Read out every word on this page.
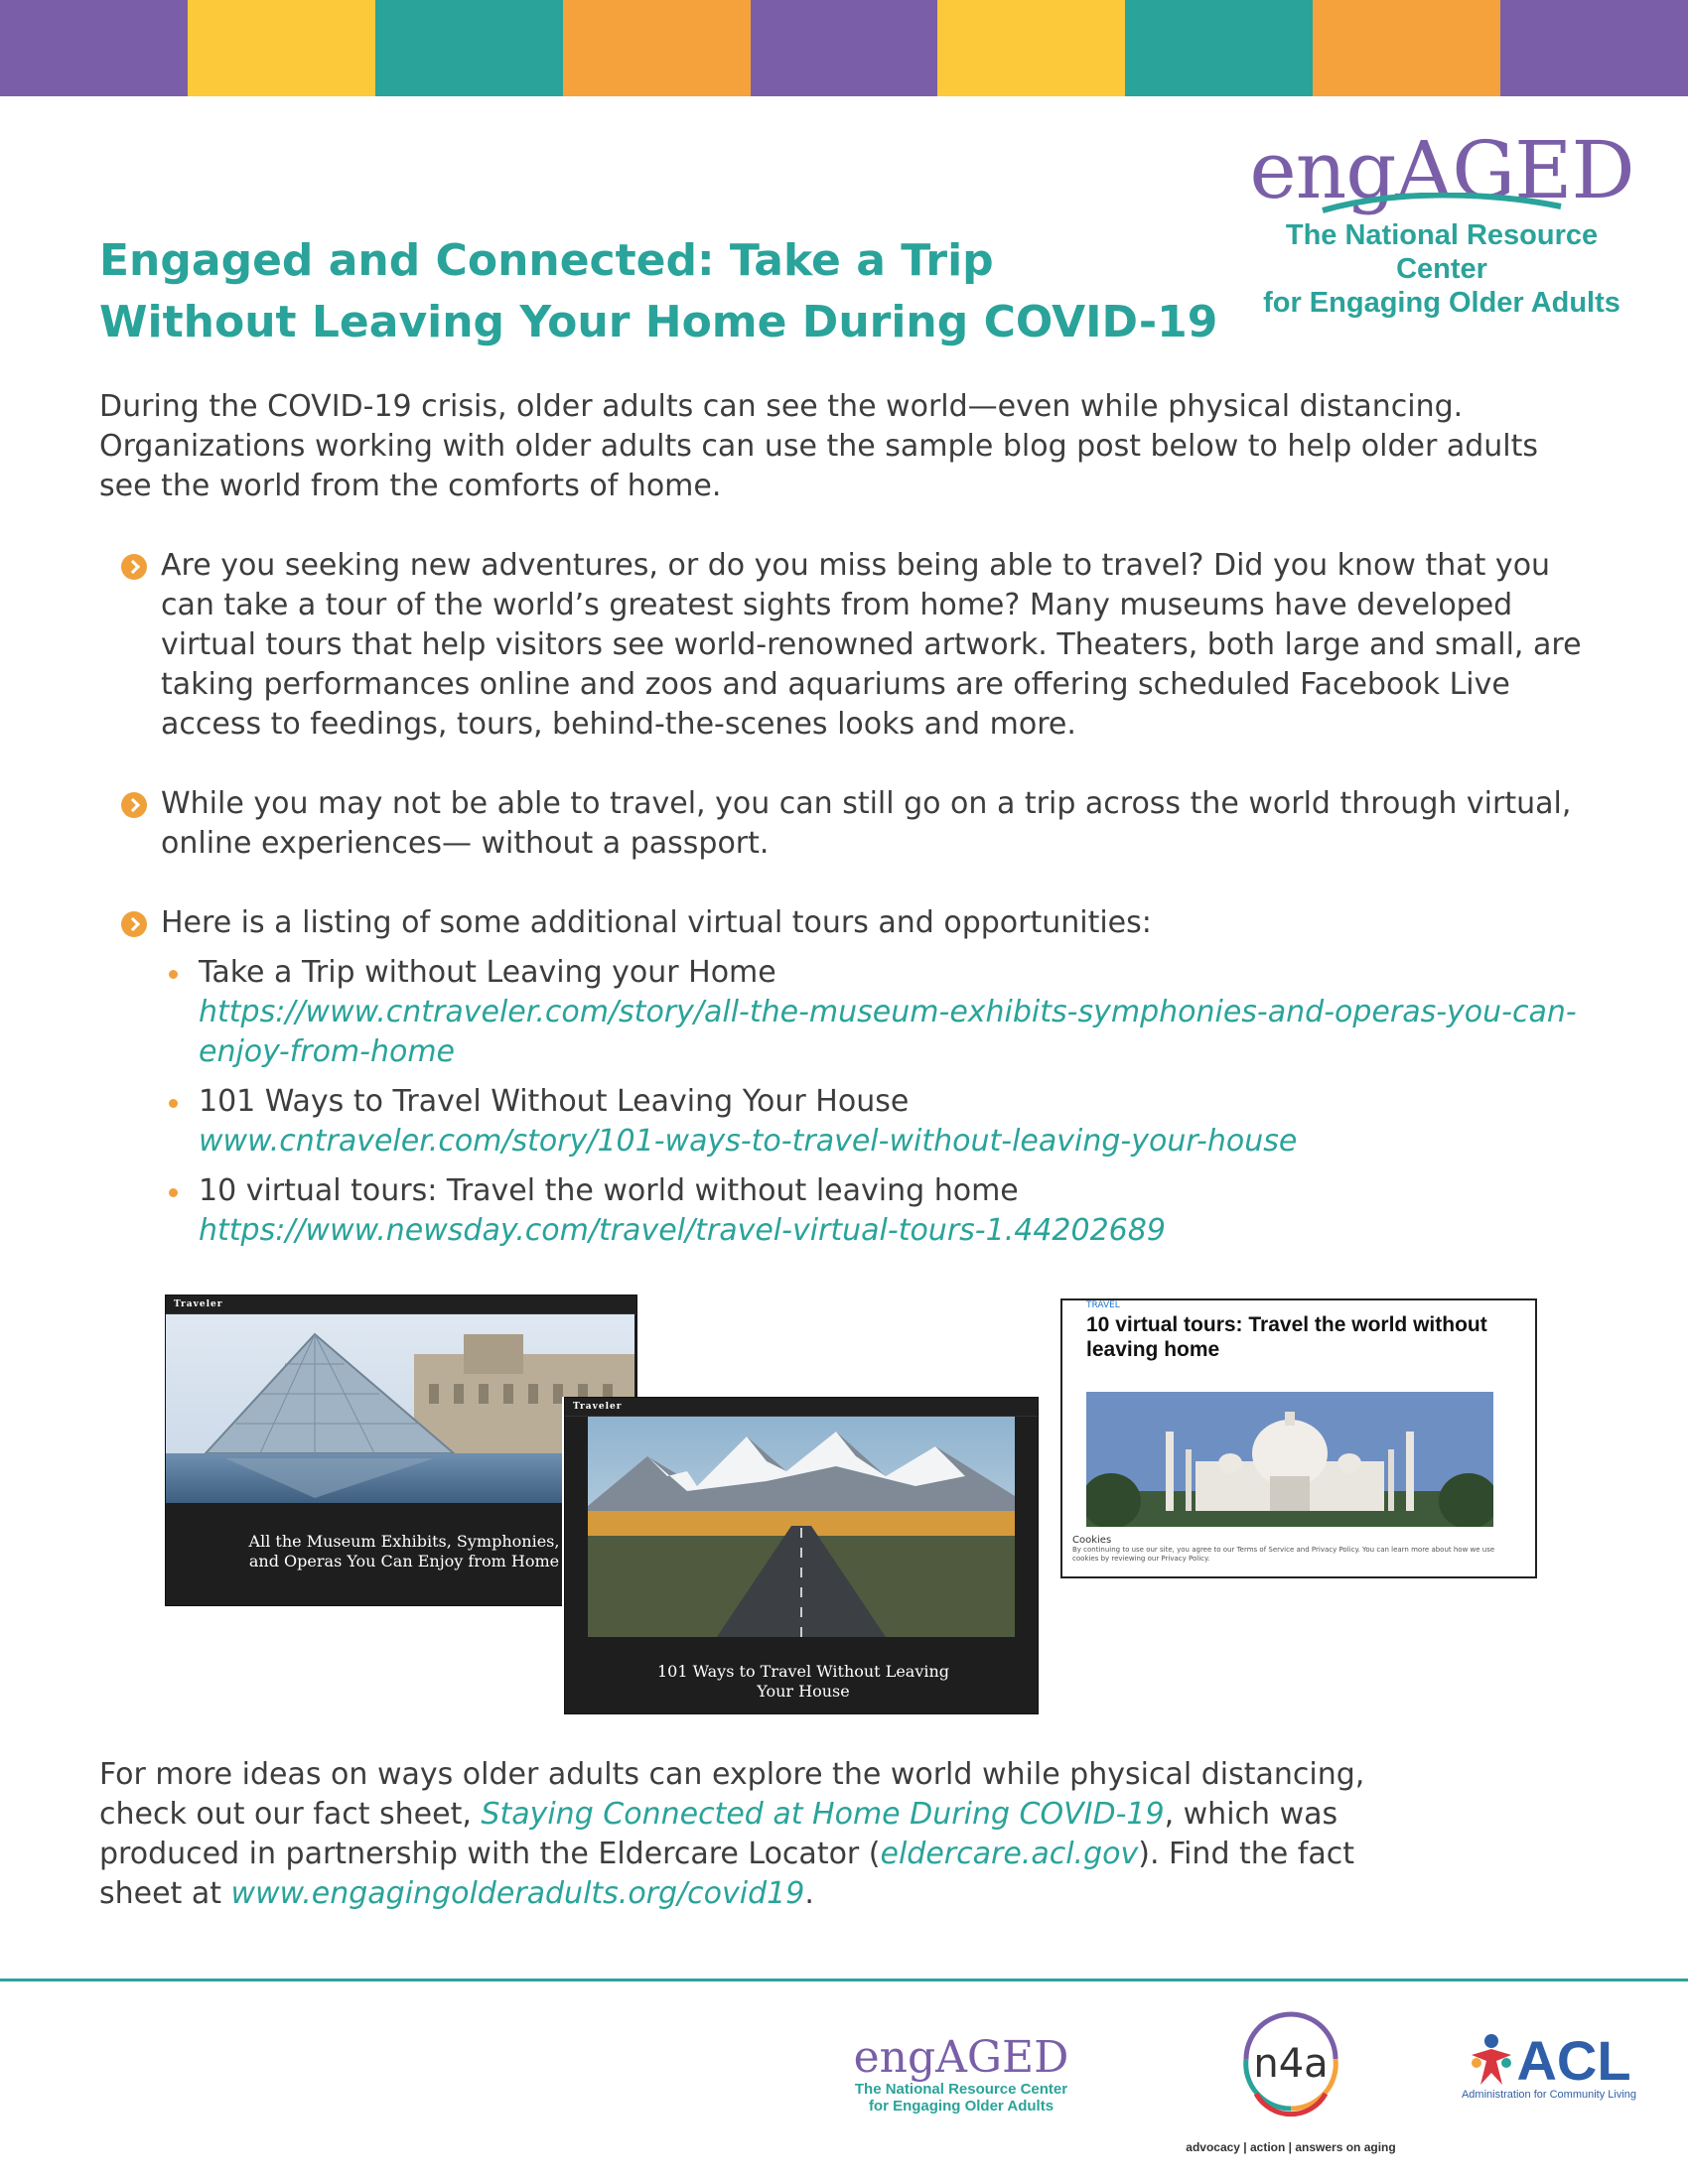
engAGED
The National Resource Center
for Engaging Older Adults
Engaged and Connected: Take a Trip
Without Leaving Your Home During COVID-19
During the COVID-19 crisis, older adults can see the world—even while physical distancing. Organizations working with older adults can use the sample blog post below to help older adults see the world from the comforts of home.
Are you seeking new adventures, or do you miss being able to travel? Did you know that you can take a tour of the world’s greatest sights from home? Many museums have developed virtual tours that help visitors see world-renowned artwork. Theaters, both large and small, are taking performances online and zoos and aquariums are offering scheduled Facebook Live access to feedings, tours, behind-the-scenes looks and more.
While you may not be able to travel, you can still go on a trip across the world through virtual, online experiences— without a passport.
Here is a listing of some additional virtual tours and opportunities:
Take a Trip without Leaving your Home
https://www.cntraveler.com/story/all-the-museum-exhibits-symphonies-and-operas-you-can-enjoy-from-home
101 Ways to Travel Without Leaving Your House
www.cntraveler.com/story/101-ways-to-travel-without-leaving-your-house
10 virtual tours: Travel the world without leaving home
https://www.newsday.com/travel/travel-virtual-tours-1.44202689
Traveler
All the Museum Exhibits, Symphonies, and Operas You Can Enjoy from Home
Traveler
101 Ways to Travel Without Leaving Your House
TRAVEL
10 virtual tours: Travel the world without leaving home
Cookies
By continuing to use our site, you agree to our Terms of Service and Privacy Policy. You can learn more about how we use cookies by reviewing our Privacy Policy.
For more ideas on ways older adults can explore the world while physical distancing, check out our fact sheet, Staying Connected at Home During COVID-19, which was produced in partnership with the Eldercare Locator (eldercare.acl.gov). Find the fact sheet at www.engagingolderadults.org/covid19.
engAGED
The National Resource Center
for Engaging Older Adults
n4a
advocacy | action | answers on aging
ACL
Administration for Community Living
